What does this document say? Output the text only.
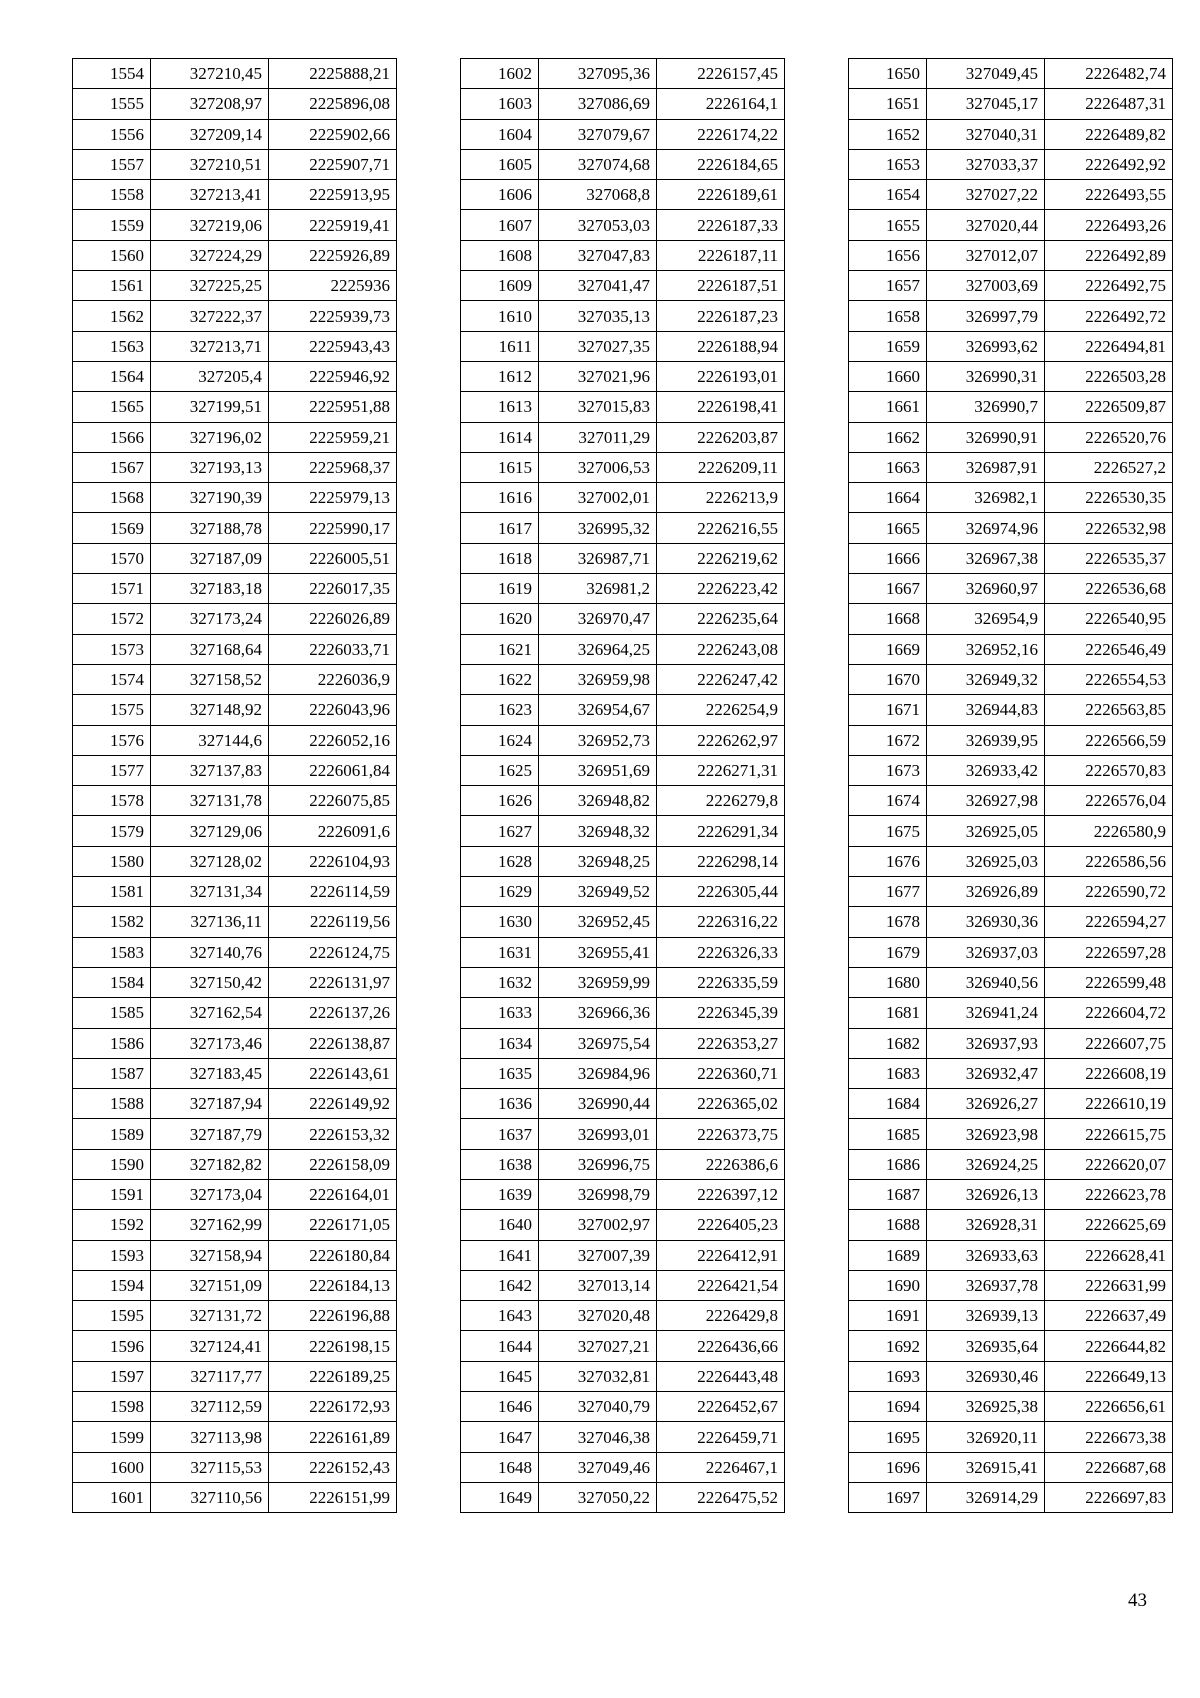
1554	327210,45	2225888,21
1555	327208,97	2225896,08
1556	327209,14	2225902,66
1557	327210,51	2225907,71
1558	327213,41	2225913,95
1559	327219,06	2225919,41
1560	327224,29	2225926,89
1561	327225,25	2225936
1562	327222,37	2225939,73
1563	327213,71	2225943,43
1564	327205,4	2225946,92
1565	327199,51	2225951,88
1566	327196,02	2225959,21
1567	327193,13	2225968,37
1568	327190,39	2225979,13
1569	327188,78	2225990,17
1570	327187,09	2226005,51
1571	327183,18	2226017,35
1572	327173,24	2226026,89
1573	327168,64	2226033,71
1574	327158,52	2226036,9
1575	327148,92	2226043,96
1576	327144,6	2226052,16
1577	327137,83	2226061,84
1578	327131,78	2226075,85
1579	327129,06	2226091,6
1580	327128,02	2226104,93
1581	327131,34	2226114,59
1582	327136,11	2226119,56
1583	327140,76	2226124,75
1584	327150,42	2226131,97
1585	327162,54	2226137,26
1586	327173,46	2226138,87
1587	327183,45	2226143,61
1588	327187,94	2226149,92
1589	327187,79	2226153,32
1590	327182,82	2226158,09
1591	327173,04	2226164,01
1592	327162,99	2226171,05
1593	327158,94	2226180,84
1594	327151,09	2226184,13
1595	327131,72	2226196,88
1596	327124,41	2226198,15
1597	327117,77	2226189,25
1598	327112,59	2226172,93
1599	327113,98	2226161,89
1600	327115,53	2226152,43
1601	327110,56	2226151,99
1602	327095,36	2226157,45
1603	327086,69	2226164,1
1604	327079,67	2226174,22
1605	327074,68	2226184,65
1606	327068,8	2226189,61
1607	327053,03	2226187,33
1608	327047,83	2226187,11
1609	327041,47	2226187,51
1610	327035,13	2226187,23
1611	327027,35	2226188,94
1612	327021,96	2226193,01
1613	327015,83	2226198,41
1614	327011,29	2226203,87
1615	327006,53	2226209,11
1616	327002,01	2226213,9
1617	326995,32	2226216,55
1618	326987,71	2226219,62
1619	326981,2	2226223,42
1620	326970,47	2226235,64
1621	326964,25	2226243,08
1622	326959,98	2226247,42
1623	326954,67	2226254,9
1624	326952,73	2226262,97
1625	326951,69	2226271,31
1626	326948,82	2226279,8
1627	326948,32	2226291,34
1628	326948,25	2226298,14
1629	326949,52	2226305,44
1630	326952,45	2226316,22
1631	326955,41	2226326,33
1632	326959,99	2226335,59
1633	326966,36	2226345,39
1634	326975,54	2226353,27
1635	326984,96	2226360,71
1636	326990,44	2226365,02
1637	326993,01	2226373,75
1638	326996,75	2226386,6
1639	326998,79	2226397,12
1640	327002,97	2226405,23
1641	327007,39	2226412,91
1642	327013,14	2226421,54
1643	327020,48	2226429,8
1644	327027,21	2226436,66
1645	327032,81	2226443,48
1646	327040,79	2226452,67
1647	327046,38	2226459,71
1648	327049,46	2226467,1
1649	327050,22	2226475,52
1650	327049,45	2226482,74
1651	327045,17	2226487,31
1652	327040,31	2226489,82
1653	327033,37	2226492,92
1654	327027,22	2226493,55
1655	327020,44	2226493,26
1656	327012,07	2226492,89
1657	327003,69	2226492,75
1658	326997,79	2226492,72
1659	326993,62	2226494,81
1660	326990,31	2226503,28
1661	326990,7	2226509,87
1662	326990,91	2226520,76
1663	326987,91	2226527,2
1664	326982,1	2226530,35
1665	326974,96	2226532,98
1666	326967,38	2226535,37
1667	326960,97	2226536,68
1668	326954,9	2226540,95
1669	326952,16	2226546,49
1670	326949,32	2226554,53
1671	326944,83	2226563,85
1672	326939,95	2226566,59
1673	326933,42	2226570,83
1674	326927,98	2226576,04
1675	326925,05	2226580,9
1676	326925,03	2226586,56
1677	326926,89	2226590,72
1678	326930,36	2226594,27
1679	326937,03	2226597,28
1680	326940,56	2226599,48
1681	326941,24	2226604,72
1682	326937,93	2226607,75
1683	326932,47	2226608,19
1684	326926,27	2226610,19
1685	326923,98	2226615,75
1686	326924,25	2226620,07
1687	326926,13	2226623,78
1688	326928,31	2226625,69
1689	326933,63	2226628,41
1690	326937,78	2226631,99
1691	326939,13	2226637,49
1692	326935,64	2226644,82
1693	326930,46	2226649,13
1694	326925,38	2226656,61
1695	326920,11	2226673,38
1696	326915,41	2226687,68
1697	326914,29	2226697,83
43
